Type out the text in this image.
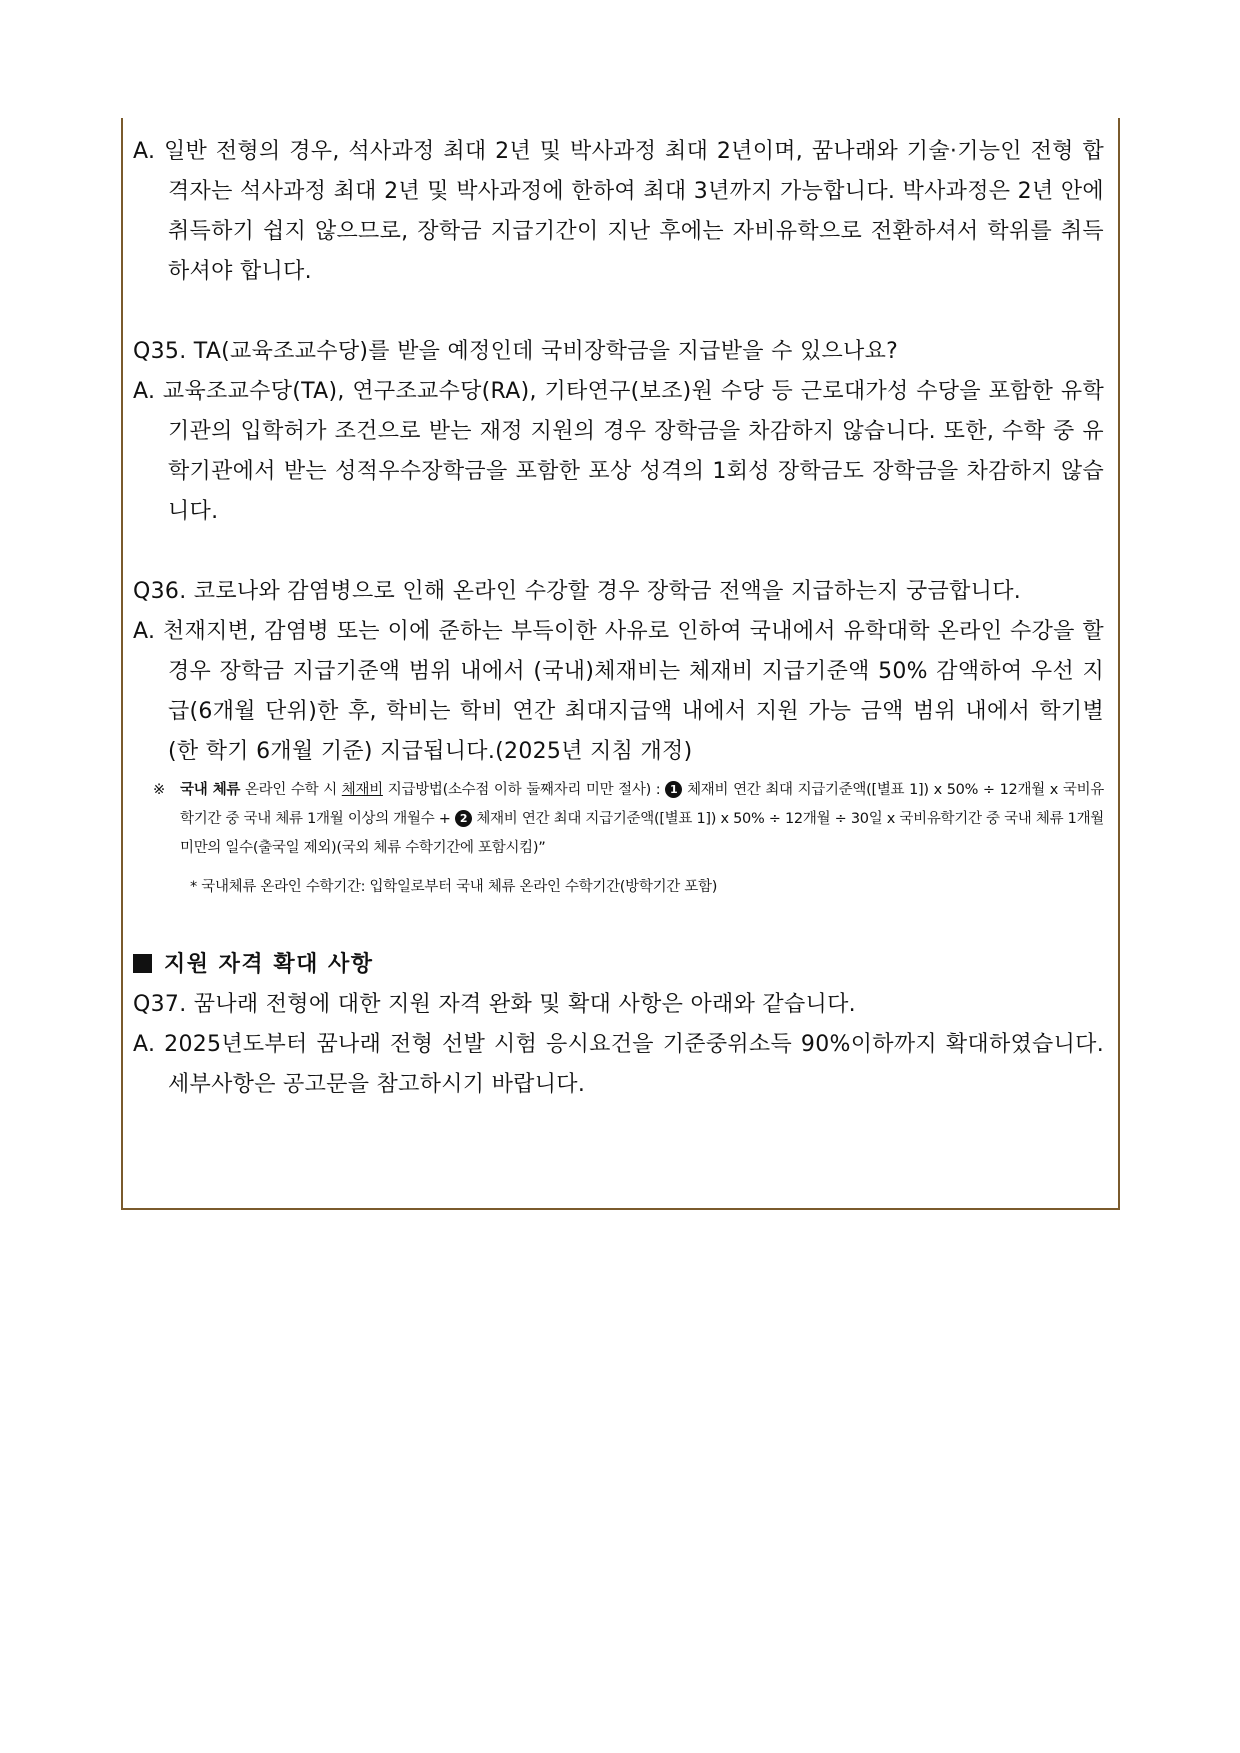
A. 일반 전형의 경우, 석사과정 최대 2년 및 박사과정 최대 2년이며, 꿈나래와 기술·기능인 전형 합격자는 석사과정 최대 2년 및 박사과정에 한하여 최대 3년까지 가능합니다. 박사과정은 2년 안에 취득하기 쉽지 않으므로, 장학금 지급기간이 지난 후에는 자비유학으로 전환하셔서 학위를 취득하셔야 합니다.

Q35. TA(교육조교수당)를 받을 예정인데 국비장학금을 지급받을 수 있으나요?

A. 교육조교수당(TA), 연구조교수당(RA), 기타연구(보조)원 수당 등 근로대가성 수당을 포함한 유학기관의 입학허가 조건으로 받는 재정 지원의 경우 장학금을 차감하지 않습니다. 또한, 수학 중 유학기관에서 받는 성적우수장학금을 포함한 포상 성격의 1회성 장학금도 장학금을 차감하지 않습니다.

Q36. 코로나와 감염병으로 인해 온라인 수강할 경우 장학금 전액을 지급하는지 궁금합니다.

A. 천재지변, 감염병 또는 이에 준하는 부득이한 사유로 인하여 국내에서 유학대학 온라인 수강을 할 경우 장학금 지급기준액 범위 내에서 (국내)체재비는 체재비 지급기준액 50% 감액하여 우선 지급(6개월 단위)한 후, 학비는 학비 연간 최대지급액 내에서 지원 가능 금액 범위 내에서 학기별(한 학기 6개월 기준) 지급됩니다.(2025년 지침 개정)

※ 국내 체류 온라인 수학 시 체재비 지급방법(소수점 이하 둘째자리 미만 절사) : 1 체재비 연간 최대 지급기준액([별표 1]) x 50% ÷ 12개월 x 국비유학기간 중 국내 체류 1개월 이상의 개월수 + 2 체재비 연간 최대 지급기준액([별표 1]) x 50% ÷ 12개월 ÷ 30일 x 국비유학기간 중 국내 체류 1개월 미만의 일수(출국일 제외)(국외 체류 수학기간에 포함시킴)”

* 국내체류 온라인 수학기간: 입학일로부터 국내 체류 온라인 수학기간(방학기간 포함)

지원 자격 확대 사항

Q37. 꿈나래 전형에 대한 지원 자격 완화 및 확대 사항은 아래와 같습니다.

A. 2025년도부터 꿈나래 전형 선발 시험 응시요건을 기준중위소득 90%이하까지 확대하였습니다. 세부사항은 공고문을 참고하시기 바랍니다.
